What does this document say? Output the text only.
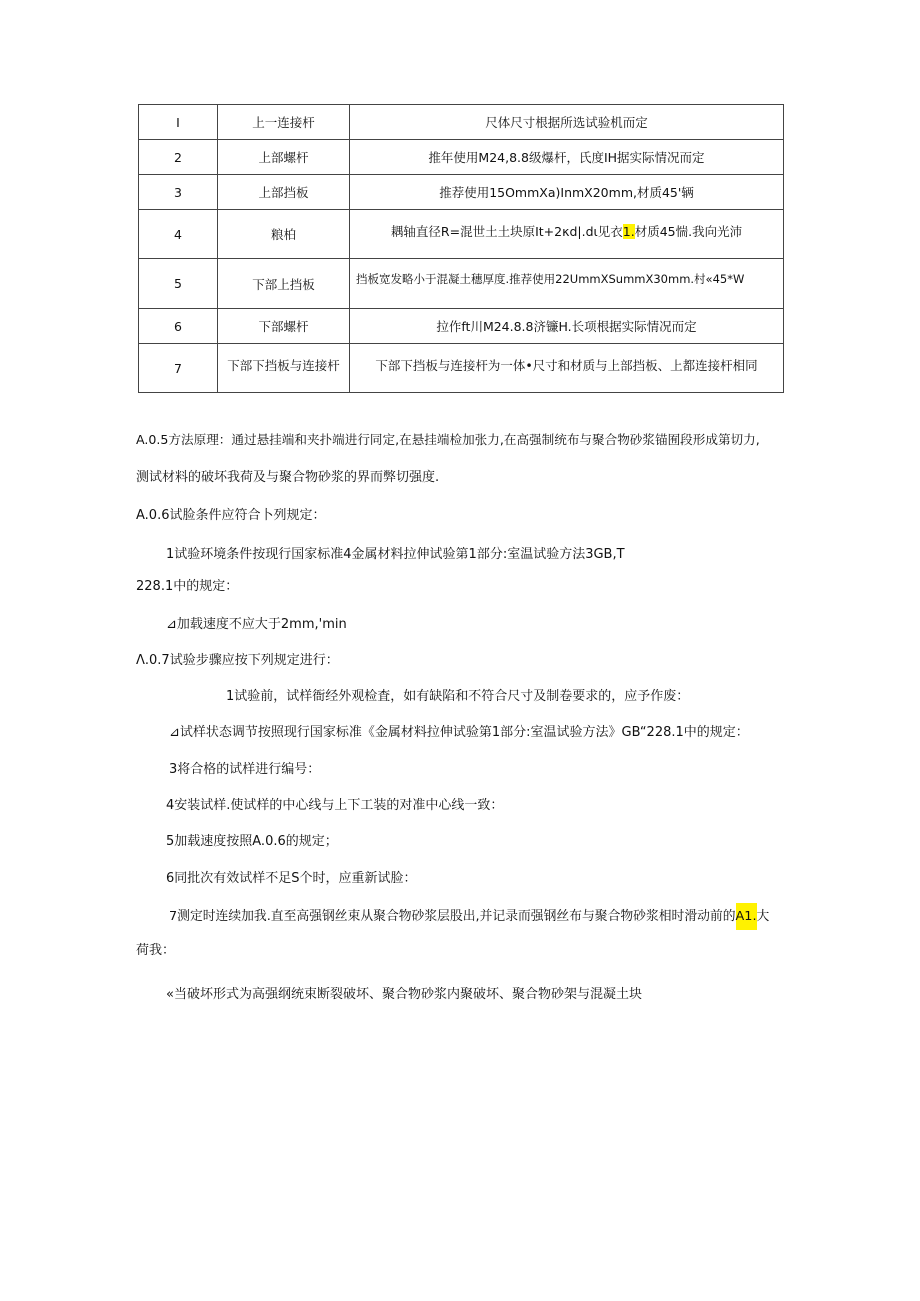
I	上一连接杆	尺体尺寸根据所选试验机而定
2	上部螺杆	推年使用M24,8.8级爆杆，氏度IH据实际情况而定
3	上部挡板	推荐使用15OmmXa)InmX20mm,材质45'辆
4	粮柏	耦轴直径R=混世土土块原It+2κd|.dι见衣1.材质45惴.我向光沛
5	下部上挡板	挡板宽发略小于混凝土穗厚度.推荐使用22UmmXSummX30mm.村«45*W
6	下部螺杆	拉作ft川M24.8.8济镰H.长项根据实际情况而定
7	下部下挡板与连接杆	下部下挡板与连接杆为一体•尺寸和材质与上部挡板、上都连接杆相同
A.0.5方法原理：通过悬挂端和夹扑端进行同定,在悬挂端检加张力,在高强制统布与聚合物砂浆锚囿段形成第切力,
测试材料的破坏我荷及与聚合物砂浆的界而弊切强度.
A.0.6试脸条件应符合卜列规定：
1试验环境条件按现行国家标准4金属材料拉伸试验第1部分:室温试验方法3GB,T
228.1中的规定：
⊿加载速度不应大于2mm,'min
Λ.0.7试验步骤应按下列规定进行：
1试验前，试样衙经外观检査，如有缺陷和不符合尺寸及制卷要求的，应予作废：
⊿试样状态调节按照现行国家标准《金属材料拉伸试验第1部分:室温试验方法》GB“228.1中的规定：
3将合格的试样进行编号：
4安装试样.使试样的中心线与上下工装的对准中心线一致：
5加载速度按照A.0.6的规定；
6同批次有效试样不足S个时，应重新试脸：
7测定时连续加我.直至高强钢丝束从聚合物砂浆层股出,并记录而强钢丝布与聚合物砂浆相时滑动前的A1.大
荷我：
«当破坏形式为高强纲统束断裂破坏、聚合物砂浆内聚破坏、聚合物砂架与混凝土块
